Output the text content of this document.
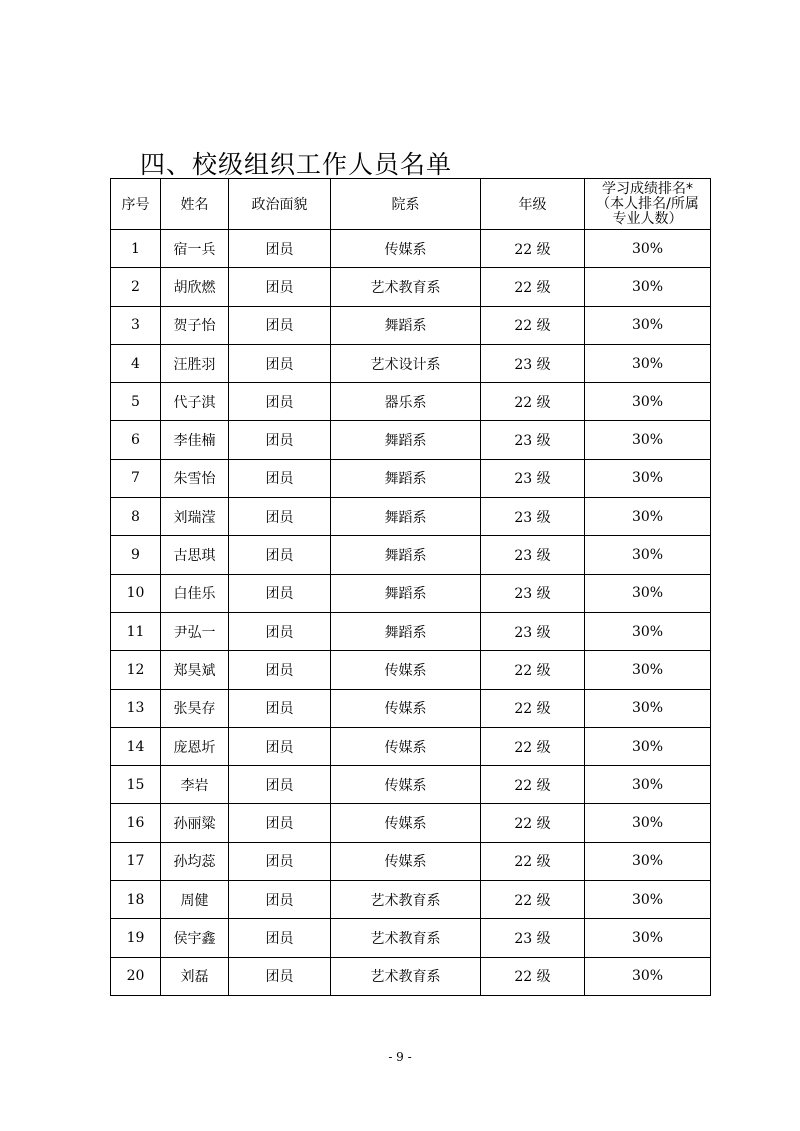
四、校级组织工作人员名单
序号	姓名	政治面貌	院系	年级	学习成绩排名*
（本人排名/所属
专业人数）

1	宿一兵	团员	传媒系	22 级	30%
2	胡欣燃	团员	艺术教育系	22 级	30%
3	贺子怡	团员	舞蹈系	22 级	30%
4	汪胜羽	团员	艺术设计系	23 级	30%
5	代子淇	团员	器乐系	22 级	30%
6	李佳楠	团员	舞蹈系	23 级	30%
7	朱雪怡	团员	舞蹈系	23 级	30%
8	刘瑞滢	团员	舞蹈系	23 级	30%
9	古思琪	团员	舞蹈系	23 级	30%
10	白佳乐	团员	舞蹈系	23 级	30%
11	尹弘一	团员	舞蹈系	23 级	30%
12	郑昊斌	团员	传媒系	22 级	30%
13	张昊存	团员	传媒系	22 级	30%
14	庞恩圻	团员	传媒系	22 级	30%
15	李岩	团员	传媒系	22 级	30%
16	孙丽粱	团员	传媒系	22 级	30%
17	孙均蕊	团员	传媒系	22 级	30%
18	周健	团员	艺术教育系	22 级	30%
19	侯宇鑫	团员	艺术教育系	23 级	30%
20	刘磊	团员	艺术教育系	22 级	30%
- 9 -
